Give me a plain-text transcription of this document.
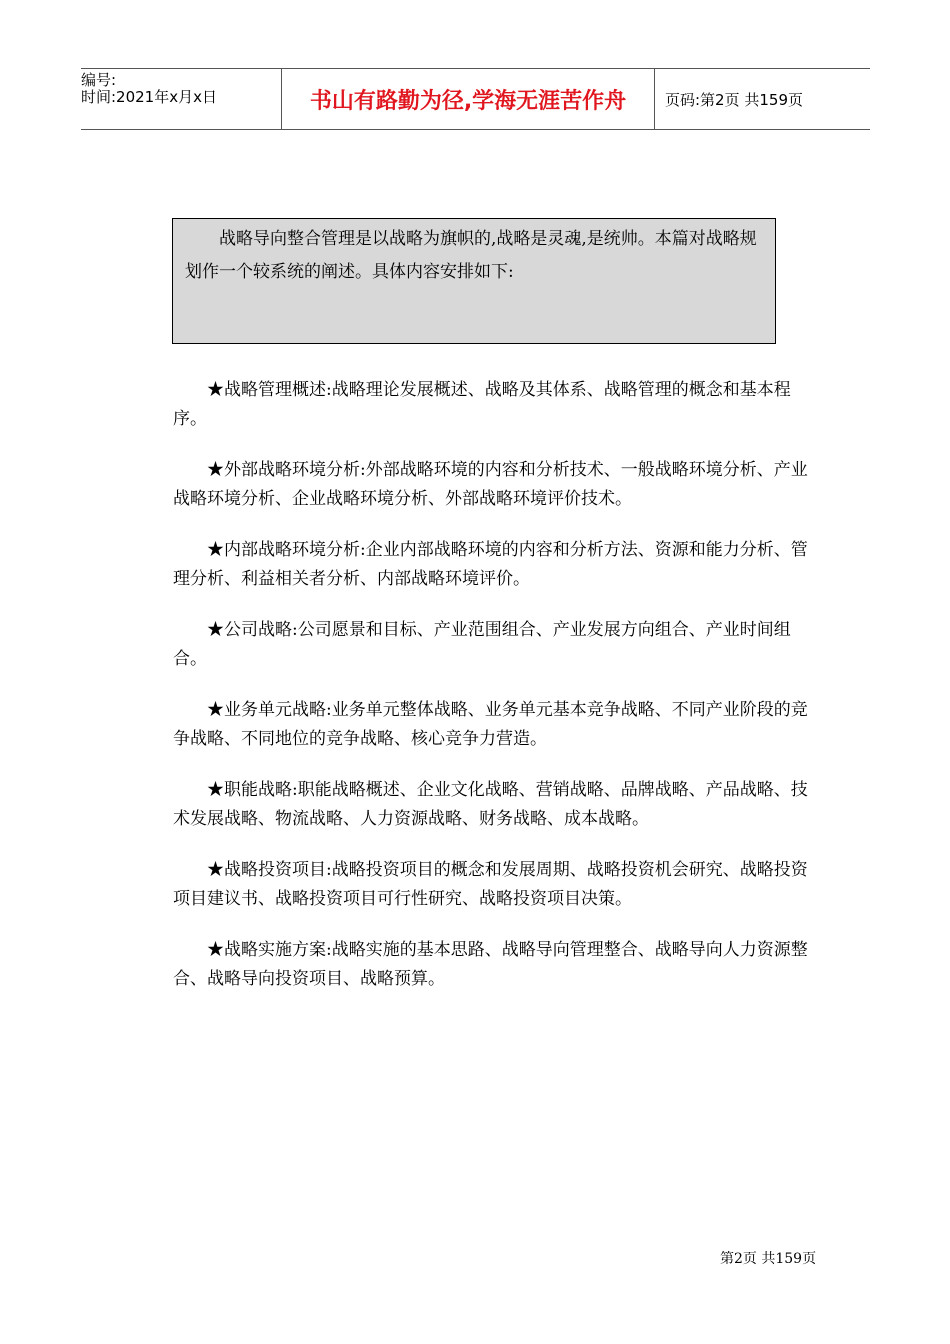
编号:
时间:2021年x月x日	书山有路勤为径,学海无涯苦作舟	页码:第2页 共159页

战略导向整合管理是以战略为旗帜的,战略是灵魂,是统帅。本篇对战略规划作一个较系统的阐述。具体内容安排如下:

★战略管理概述:战略理论发展概述、战略及其体系、战略管理的概念和基本程序。

★外部战略环境分析:外部战略环境的内容和分析技术、一般战略环境分析、产业战略环境分析、企业战略环境分析、外部战略环境评价技术。

★内部战略环境分析:企业内部战略环境的内容和分析方法、资源和能力分析、管理分析、利益相关者分析、内部战略环境评价。

★公司战略:公司愿景和目标、产业范围组合、产业发展方向组合、产业时间组合。

★业务单元战略:业务单元整体战略、业务单元基本竞争战略、不同产业阶段的竞争战略、不同地位的竞争战略、核心竞争力营造。

★职能战略:职能战略概述、企业文化战略、营销战略、品牌战略、产品战略、技术发展战略、物流战略、人力资源战略、财务战略、成本战略。

★战略投资项目:战略投资项目的概念和发展周期、战略投资机会研究、战略投资项目建议书、战略投资项目可行性研究、战略投资项目决策。

★战略实施方案:战略实施的基本思路、战略导向管理整合、战略导向人力资源整合、战略导向投资项目、战略预算。

第2页 共159页
